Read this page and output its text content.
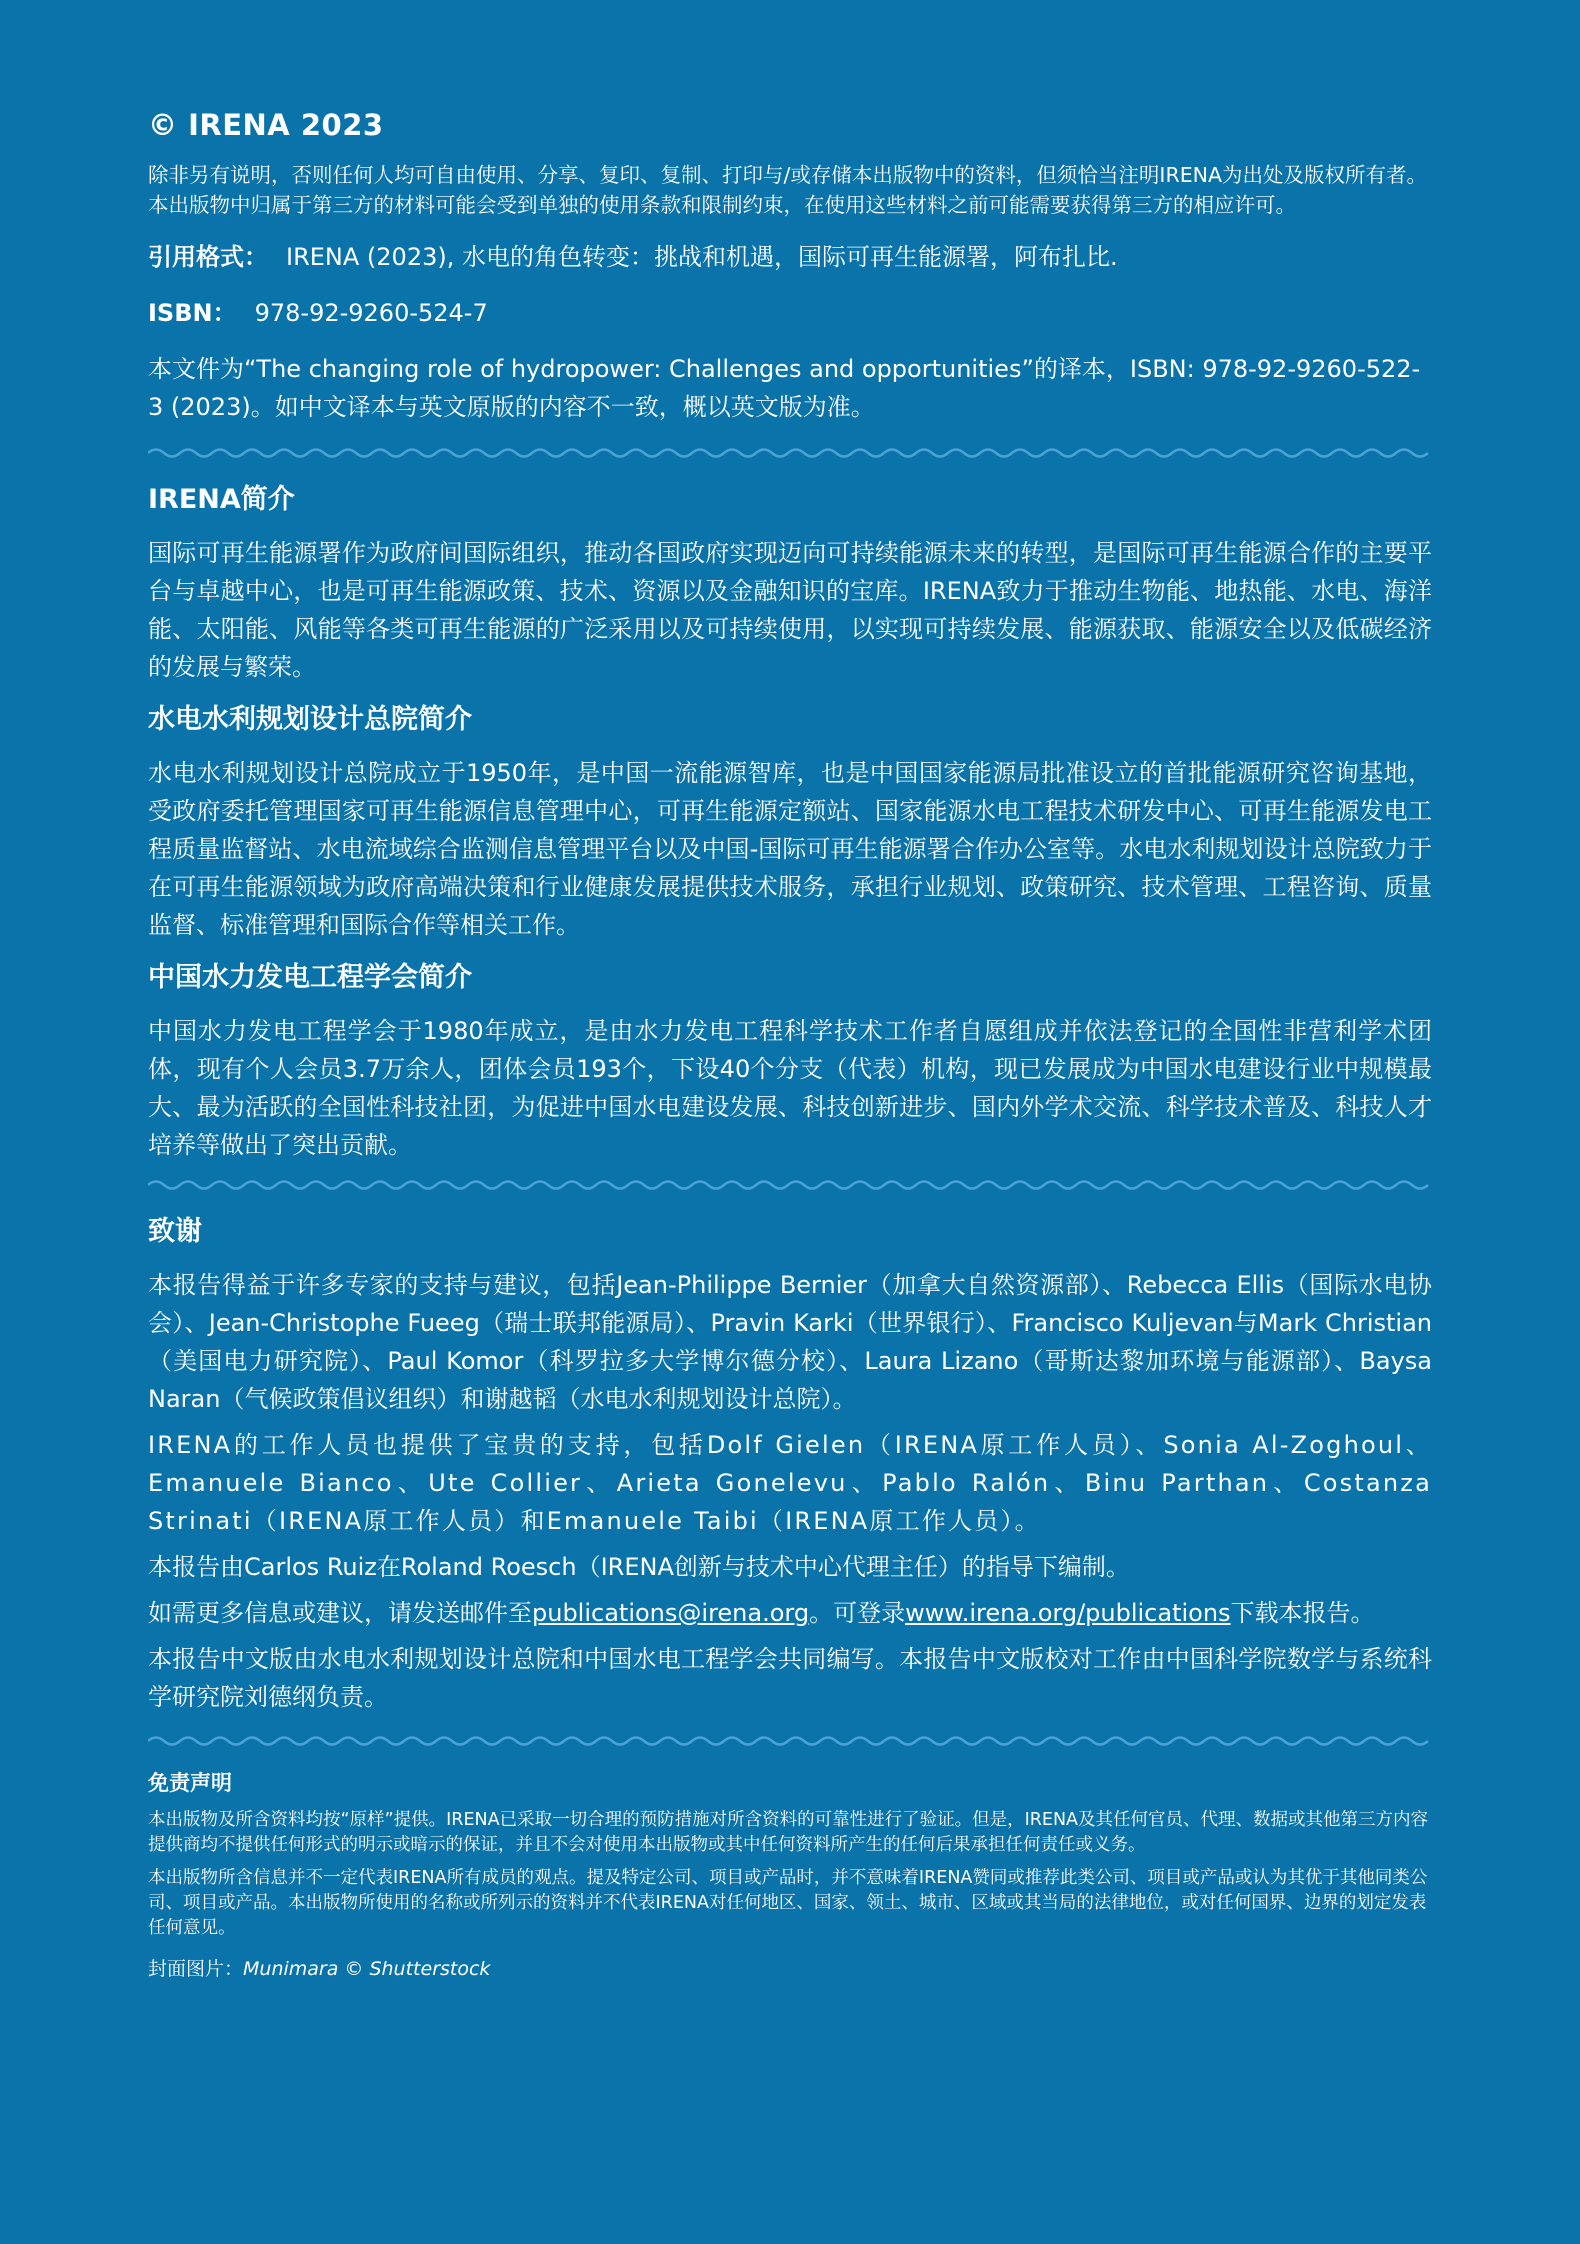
© IRENA 2023

除非另有说明，否则任何人均可自由使用、分享、复印、复制、打印与/或存储本出版物中的资料，但须恰当注明IRENA为出处及版权所有者。本出版物中归属于第三方的材料可能会受到单独的使用条款和限制约束，在使用这些材料之前可能需要获得第三方的相应许可。

引用格式： IRENA (2023), 水电的角色转变：挑战和机遇，国际可再生能源署，阿布扎比.

ISBN： 978-92-9260-524-7

本文件为“The changing role of hydropower: Challenges and opportunities”的译本，ISBN: 978-92-9260-522-3 (2023)。如中文译本与英文原版的内容不一致，概以英文版为准。

IRENA简介

国际可再生能源署作为政府间国际组织，推动各国政府实现迈向可持续能源未来的转型，是国际可再生能源合作的主要平台与卓越中心，也是可再生能源政策、技术、资源以及金融知识的宝库。IRENA致力于推动生物能、地热能、水电、海洋能、太阳能、风能等各类可再生能源的广泛采用以及可持续使用，以实现可持续发展、能源获取、能源安全以及低碳经济的发展与繁荣。

水电水利规划设计总院简介

水电水利规划设计总院成立于1950年，是中国一流能源智库，也是中国国家能源局批准设立的首批能源研究咨询基地，受政府委托管理国家可再生能源信息管理中心，可再生能源定额站、国家能源水电工程技术研发中心、可再生能源发电工程质量监督站、水电流域综合监测信息管理平台以及中国-国际可再生能源署合作办公室等。水电水利规划设计总院致力于在可再生能源领域为政府高端决策和行业健康发展提供技术服务，承担行业规划、政策研究、技术管理、工程咨询、质量监督、标准管理和国际合作等相关工作。

中国水力发电工程学会简介

中国水力发电工程学会于1980年成立，是由水力发电工程科学技术工作者自愿组成并依法登记的全国性非营利学术团体，现有个人会员3.7万余人，团体会员193个，下设40个分支（代表）机构，现已发展成为中国水电建设行业中规模最大、最为活跃的全国性科技社团，为促进中国水电建设发展、科技创新进步、国内外学术交流、科学技术普及、科技人才培养等做出了突出贡献。

致谢

本报告得益于许多专家的支持与建议，包括Jean-Philippe Bernier（加拿大自然资源部）、Rebecca Ellis（国际水电协会）、Jean-Christophe Fueeg（瑞士联邦能源局）、Pravin Karki（世界银行）、Francisco Kuljevan与Mark Christian（美国电力研究院）、Paul Komor（科罗拉多大学博尔德分校）、Laura Lizano（哥斯达黎加环境与能源部）、Baysa Naran（气候政策倡议组织）和谢越韬（水电水利规划设计总院）。

IRENA的工作人员也提供了宝贵的支持，包括Dolf Gielen（IRENA原工作人员）、Sonia Al-Zoghoul、Emanuele Bianco、Ute Collier、Arieta Gonelevu、Pablo Ralón、Binu Parthan、Costanza Strinati（IRENA原工作人员）和Emanuele Taibi（IRENA原工作人员）。

本报告由Carlos Ruiz在Roland Roesch（IRENA创新与技术中心代理主任）的指导下编制。

如需更多信息或建议，请发送邮件至publications@irena.org。可登录www.irena.org/publications下载本报告。

本报告中文版由水电水利规划设计总院和中国水电工程学会共同编写。本报告中文版校对工作由中国科学院数学与系统科学研究院刘德纲负责。

免责声明

本出版物及所含资料均按“原样”提供。IRENA已采取一切合理的预防措施对所含资料的可靠性进行了验证。但是，IRENA及其任何官员、代理、数据或其他第三方内容提供商均不提供任何形式的明示或暗示的保证，并且不会对使用本出版物或其中任何资料所产生的任何后果承担任何责任或义务。

本出版物所含信息并不一定代表IRENA所有成员的观点。提及特定公司、项目或产品时，并不意味着IRENA赞同或推荐此类公司、项目或产品或认为其优于其他同类公司、项目或产品。本出版物所使用的名称或所列示的资料并不代表IRENA对任何地区、国家、领土、城市、区域或其当局的法律地位，或对任何国界、边界的划定发表任何意见。

封面图片：Munimara © Shutterstock
